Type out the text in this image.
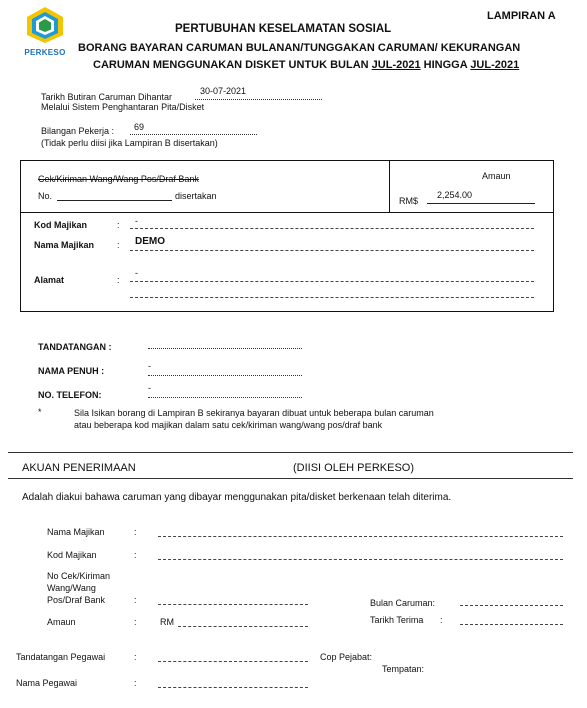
PERKESO
LAMPIRAN A
PERTUBUHAN KESELAMATAN SOSIAL
BORANG BAYARAN CARUMAN BULANAN/TUNGGAKAN CARUMAN/ KEKURANGAN
CARUMAN MENGGUNAKAN DISKET UNTUK BULAN JUL-2021 HINGGA JUL-2021
Tarikh Butiran Caruman Dihantar
30-07-2021
Melalui Sistem Penghantaran Pita/Disket
Bilangan Pekerja : 69
(Tidak perlu diisi jika Lampiran B disertakan)
Cek/Kiriman Wang/Wang Pos/Draf Bank
No.	disertakan
Amaun
RM$
2,254.00
Kod Majikan	: -
Nama Majikan	: DEMO
Alamat	:
-
TANDATANGAN :
NAMA PENUH :	-
NO. TELEFON:
-
*	Sila Isikan borang di Lampiran B sekiranya bayaran dibuat untuk beberapa bulan caruman
atau beberapa kod majikan dalam satu cek/kiriman wang/wang pos/draf bank
AKUAN PENERIMAAN	(DIISI OLEH PERKESO)
Adalah diakui bahawa caruman yang dibayar menggunakan pita/disket berkenaan telah diterima.
Nama Majikan	:
Kod Majikan	:
No Cek/Kiriman
Wang/Wang
Pos/Draf Bank	:	Bulan Caruman:
Amaun	:	RM	Tarikh Terima :
Tandatangan Pegawai	:	Cop Pejabat:
Tempatan:
Nama Pegawai	:
